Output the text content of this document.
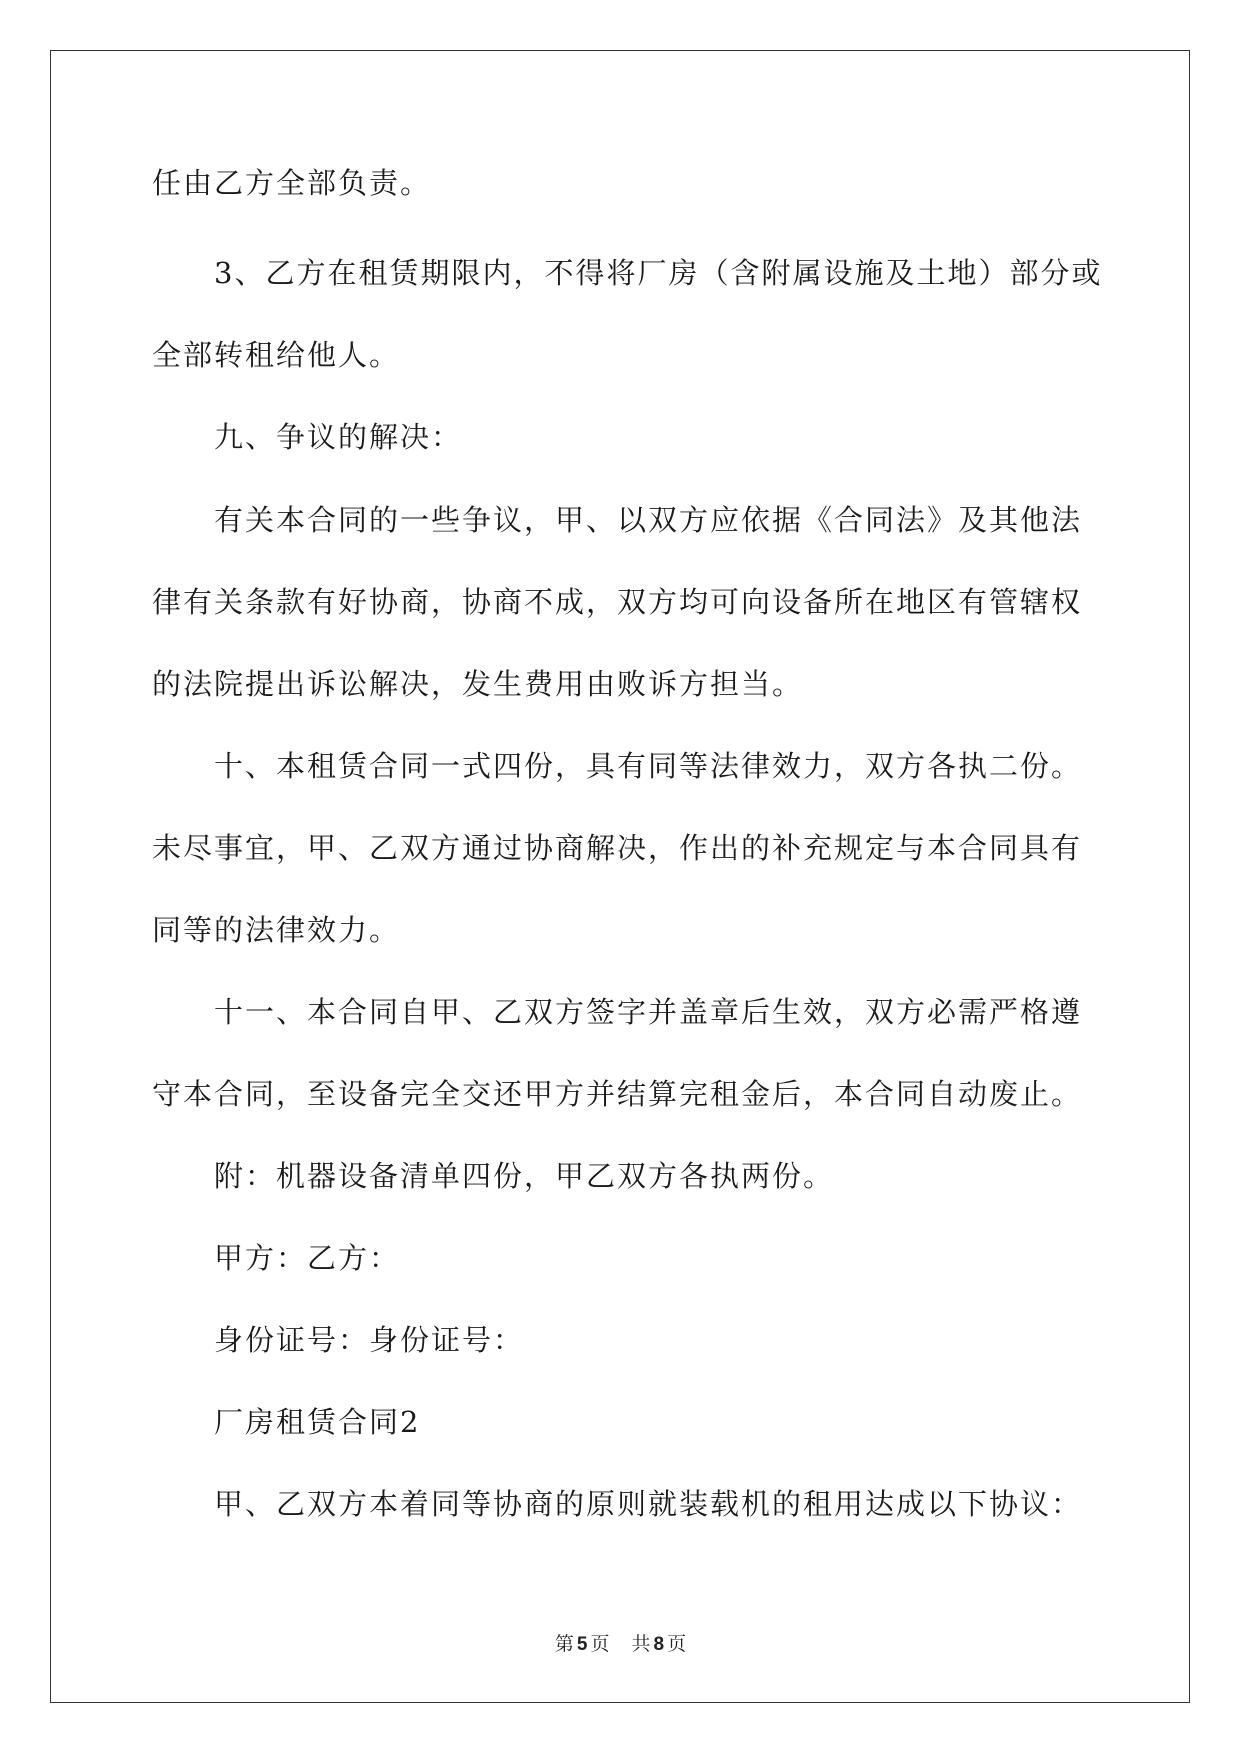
任由乙方全部负责。

3、乙方在租赁期限内，不得将厂房（含附属设施及土地）部分或

全部转租给他人。

九、争议的解决：

有关本合同的一些争议，甲、以双方应依据《合同法》及其他法

律有关条款有好协商，协商不成，双方均可向设备所在地区有管辖权

的法院提出诉讼解决，发生费用由败诉方担当。

十、本租赁合同一式四份，具有同等法律效力，双方各执二份。

未尽事宜，甲、乙双方通过协商解决，作出的补充规定与本合同具有

同等的法律效力。

十一、本合同自甲、乙双方签字并盖章后生效，双方必需严格遵

守本合同，至设备完全交还甲方并结算完租金后，本合同自动废止。

附：机器设备清单四份，甲乙双方各执两份。

甲方：乙方：

身份证号：身份证号：

厂房租赁合同2

甲、乙双方本着同等协商的原则就装载机的租用达成以下协议：

第 5 页 共 8 页
